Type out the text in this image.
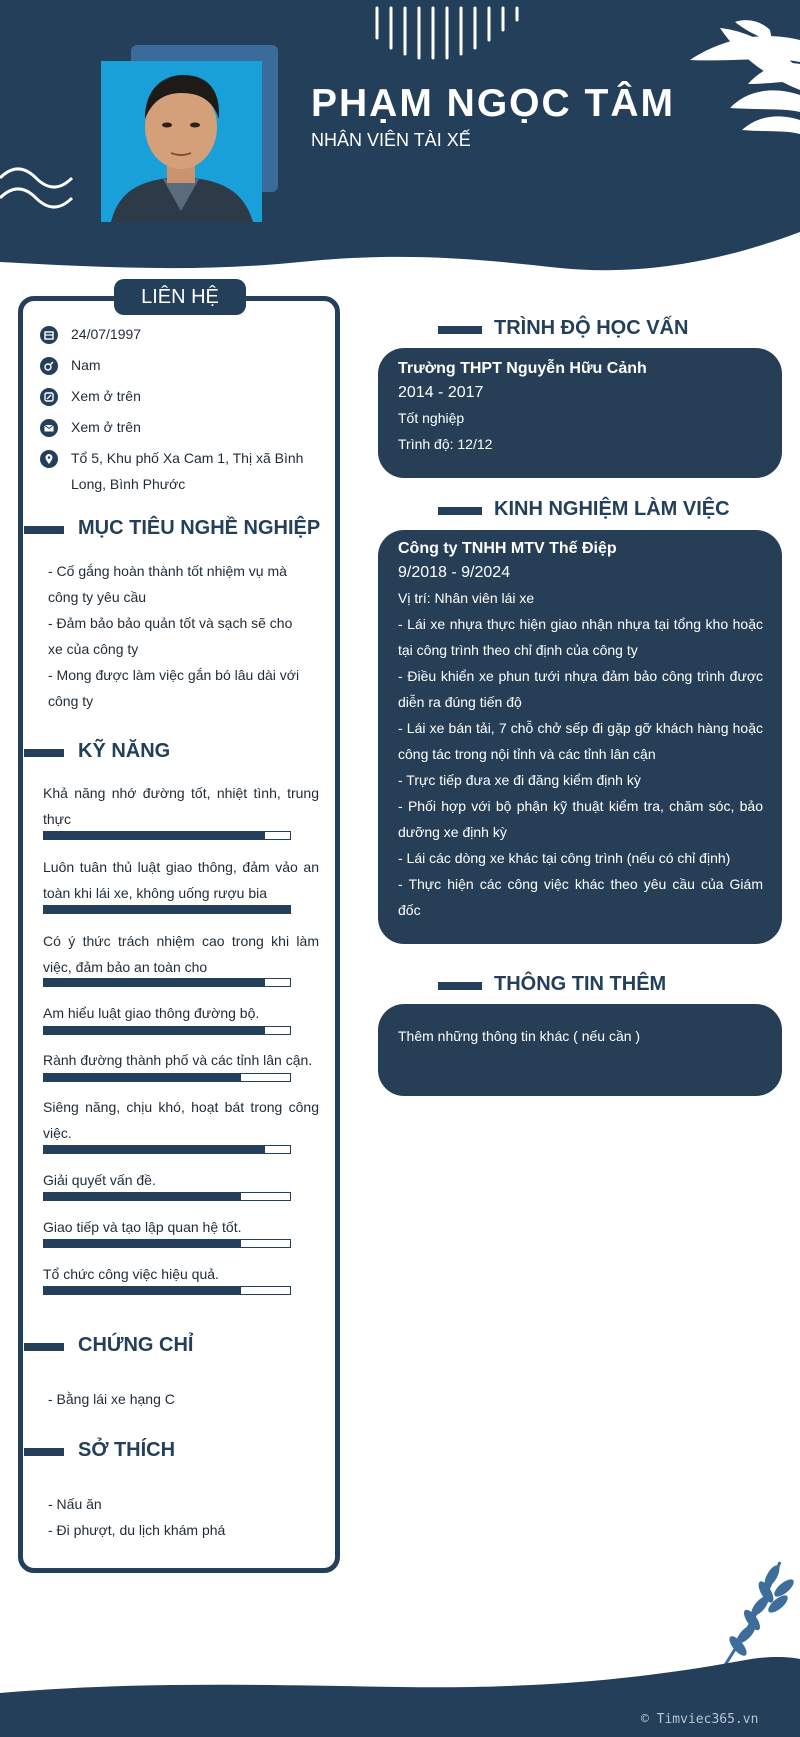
PHẠM NGỌC TÂM
NHÂN VIÊN TÀI XẾ
LIÊN HỆ
24/07/1997
Nam
Xem ở trên
Xem ở trên
Tổ 5, Khu phố Xa Cam 1, Thị xã Bình Long, Bình Phước
MỤC TIÊU NGHỀ NGHIỆP
- Cố gắng hoàn thành tốt nhiệm vụ mà công ty yêu cầu
- Đảm bảo bảo quản tốt và sạch sẽ cho xe của công ty
- Mong được làm việc gắn bó lâu dài với công ty
KỸ NĂNG
Khả năng nhớ đường tốt, nhiệt tình, trung thực
Luôn tuân thủ luật giao thông, đảm vảo an toàn khi lái xe, không uống rượu bia
Có ý thức trách nhiệm cao trong khi làm việc, đảm bảo an toàn cho
Am hiểu luật giao thông đường bộ.
Rành đường thành phố và các tỉnh lân cận.
Siêng năng, chịu khó, hoạt bát trong công việc.
Giải quyết vấn đề.
Giao tiếp và tạo lập quan hệ tốt.
Tổ chức công việc hiệu quả.
CHỨNG CHỈ
- Bằng lái xe hạng C
SỞ THÍCH
- Nấu ăn
- Đi phượt, du lịch khám phá
TRÌNH ĐỘ HỌC VẤN
Trường THPT Nguyễn Hữu Cảnh
2014 - 2017
Tốt nghiệp
Trình độ: 12/12
KINH NGHIỆM LÀM VIỆC
Công ty TNHH MTV Thế Điệp
9/2018 - 9/2024
Vị trí: Nhân viên lái xe
- Lái xe nhựa thực hiện giao nhận nhựa tại tổng kho hoặc tại công trình theo chỉ định của công ty
- Điều khiển xe phun tưới nhựa đảm bảo công trình được diễn ra đúng tiến độ
- Lái xe bán tải, 7 chỗ chở sếp đi gặp gỡ khách hàng hoặc công tác trong nội tỉnh và các tỉnh lân cận
- Trực tiếp đưa xe đi đăng kiểm định kỳ
- Phối hợp với bộ phận kỹ thuật kiểm tra, chăm sóc, bảo dưỡng xe định kỳ
- Lái các dòng xe khác tại công trình (nếu có chỉ định)
- Thực hiện các công việc khác theo yêu cầu của Giám đốc
THÔNG TIN THÊM
Thêm những thông tin khác ( nếu cần )
© Timviec365.vn
